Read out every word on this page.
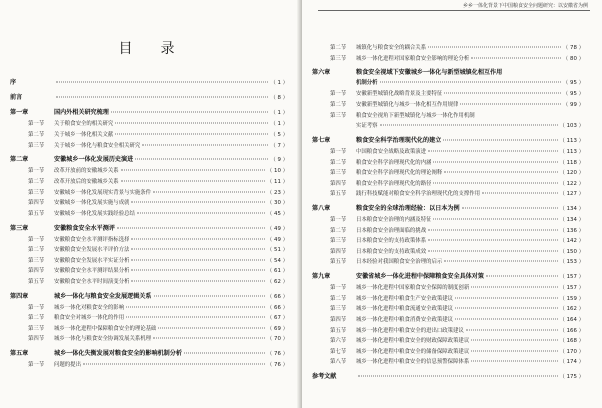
目　录
序	（ 1 ）
前言	（ 8 ）
第一章	国内外相关研究梳理	（ 1 ）
第一节	关于粮食安全的相关研究	（ 1 ）
第二节	关于城乡一体化相关文献	（ 5 ）
第三节	关于城乡一体化与粮食安全相关研究	（ 7 ）
第二章	安徽城乡一体化发展历史演进	（ 9 ）
第一节	改革开放前的安徽城乡关系	（ 10 ）
第二节	改革开放后的安徽城乡关系	（ 11 ）
第三节	安徽城乡一体化发展现实背景与实施条件	（ 23 ）
第四节	安徽城乡一体化发展实施与成就	（ 30 ）
第五节	安徽城乡一体化发展实践经验总结	（ 45 ）
第三章	安徽粮食安全水平测评	（ 49 ）
第一节	安徽粮食安全水平测评指标选择	（ 49 ）
第二节	安徽粮食安全发展水平评价方法	（ 51 ）
第三节	安徽粮食安全发展水平实证分析	（ 54 ）
第四节	安徽粮食安全水平测评结果分析	（ 61 ）
第五节	安徽粮食安全水平时间演变分析	（ 62 ）
第四章	城乡一体化与粮食安全发展逻辑关系	（ 66 ）
第一节	城乡一体化对粮食安全的影响	（ 66 ）
第二节	粮食安全对城乡一体化的作用	（ 67 ）
第三节	城乡一体化进程中保障粮食安全的理论基础	（ 69 ）
第四节	城乡一体化与粮食安全协调发展关系机理	（ 70 ）
第五章	城乡一体化失衡发展对粮食安全的影响机制分析	（ 76 ）
第一节	问题的提出	（ 76 ）
乡乡一体化背景下中国粮食安全问题研究：以安徽省为例
第二节	城镇化与粮食安全的耦合关系	（ 78 ）
第三节	城乡一体化进程对国家粮食安全影响的理论分析	（ 80 ）
第六章	粮食安全视域下安徽城乡一体化与新型城镇化相互作用
机制分析	（ 95 ）
第一节	安徽新型城镇化战略背景及主要特征	（ 95 ）
第二节	安徽新型城镇化与城乡一体化相互作用规律	（ 99 ）
第三节	粮食安全视角下新型城镇化与城乡一体化作用机制
实证考察	（ 103 ）
第七章	粮食安全科学治理现代化的建立	（ 113 ）
第一节	中国粮食安全战略及政策演进	（ 113 ）
第二节	粮食安全科学治理现代化的内涵	（ 118 ）
第三节	粮食安全科学治理现代化的理论阐释	（ 120 ）
第四节	粮食安全科学治理现代化的路径	（ 122 ）
第五节	践行科技赋能对粮食安全科学治理现代化的支撑作用	（ 127 ）
第八章	粮食安全的全球治理经验：以日本为例	（ 134 ）
第一节	日本粮食安全治理的内涵及特征	（ 134 ）
第二节	日本粮食安全治理面临的挑战	（ 136 ）
第三节	日本粮食安全的支持政策体系	（ 142 ）
第四节	日本粮食安全的支持政策成效	（ 150 ）
第五节	日本经验对我国粮食安全治理的启示	（ 153 ）
第九章	安徽省城乡一体化进程中保障粮食安全具体对策	（ 157 ）
第一节	城乡一体化进程中国家粮食安全保障的制度创新	（ 157 ）
第二节	城乡一体化进程中粮食生产安全政策建议	（ 159 ）
第三节	城乡一体化进程中粮食流通安全政策建议	（ 162 ）
第四节	城乡一体化进程中粮食消费安全政策建议	（ 164 ）
第五节	城乡一体化进程中粮食安全的进出口政策建议	（ 166 ）
第六节	城乡一体化进程中粮食安全的财政保障政策建议	（ 168 ）
第七节	城乡一体化进程中粮食安全的储备保障政策建议	（ 170 ）
第八节	城乡一体化进程中粮食安全的信息预警保障体系	（ 174 ）
参考文献	（ 175 ）
